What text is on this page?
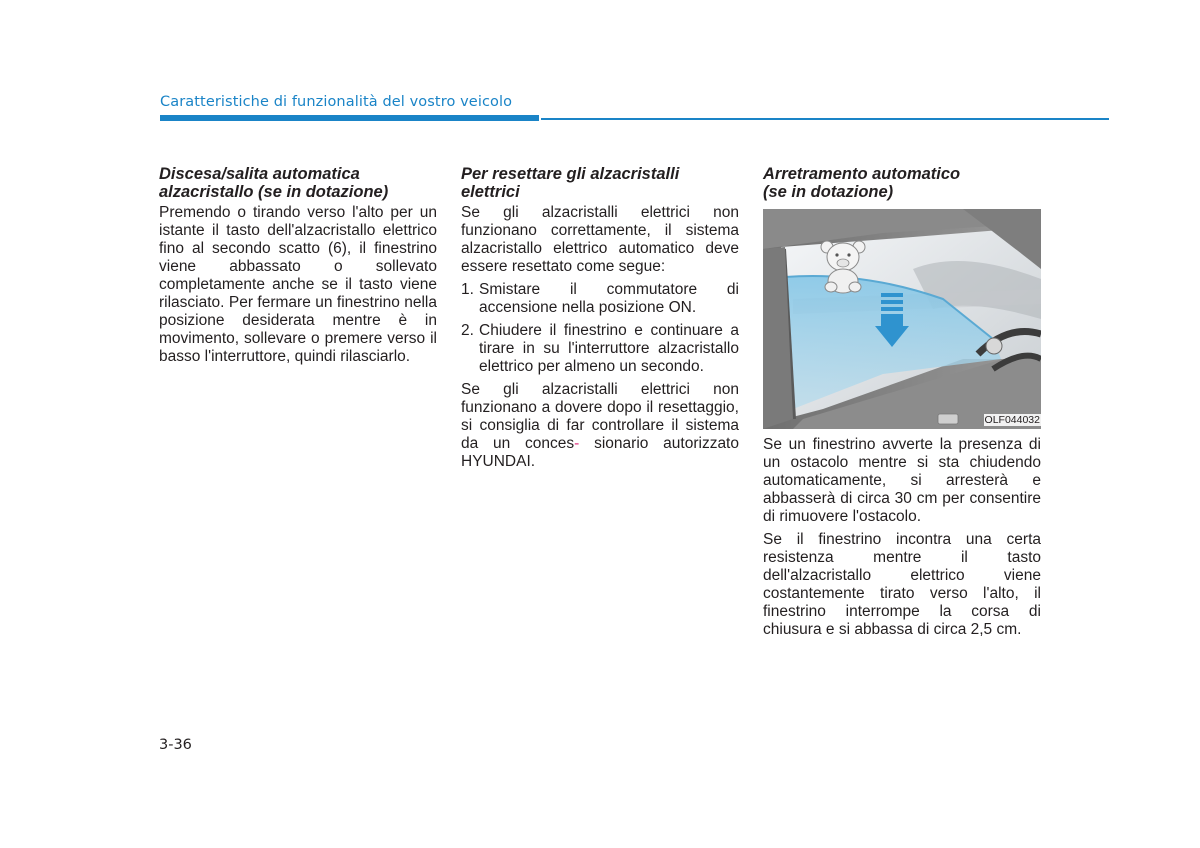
Caratteristiche di funzionalità del vostro veicolo
Discesa/salita automatica alzacristallo (se in dotazione)

Premendo o tirando verso l'alto per un istante il tasto dell'alzacristallo elettrico fino al secondo scatto (6), il finestrino viene abbassato o sollevato completamente anche se il tasto viene rilasciato. Per fermare un finestrino nella posizione desiderata mentre è in movimento, sollevare o premere verso il basso l'interruttore, quindi rilasciarlo.

Per resettare gli alzacristalli
elettrici

Se gli alzacristalli elettrici non funzionano correttamente, il sistema alzacristallo elettrico automatico deve essere resettato come segue:

1. Smistare il commutatore di accensione nella posizione ON.
2. Chiudere il finestrino e continuare a tirare in su l'interruttore alzacristallo elettrico per almeno un secondo.

Se gli alzacristalli elettrici non funzionano a dovere dopo il resettaggio, si consiglia di far controllare il sistema da un conces- sionario autorizzato HYUNDAI.

Arretramento automatico
(se in dotazione)
OLF044032

Se un finestrino avverte la presenza di un ostacolo mentre si sta chiudendo automaticamente, si arresterà e abbasserà di circa 30 cm per consentire di rimuovere l'ostacolo.

Se il finestrino incontra una certa resistenza mentre il tasto dell'alzacristallo elettrico viene costantemente tirato verso l'alto, il finestrino interrompe la corsa di chiusura e si abbassa di circa 2,5 cm.

3-36
